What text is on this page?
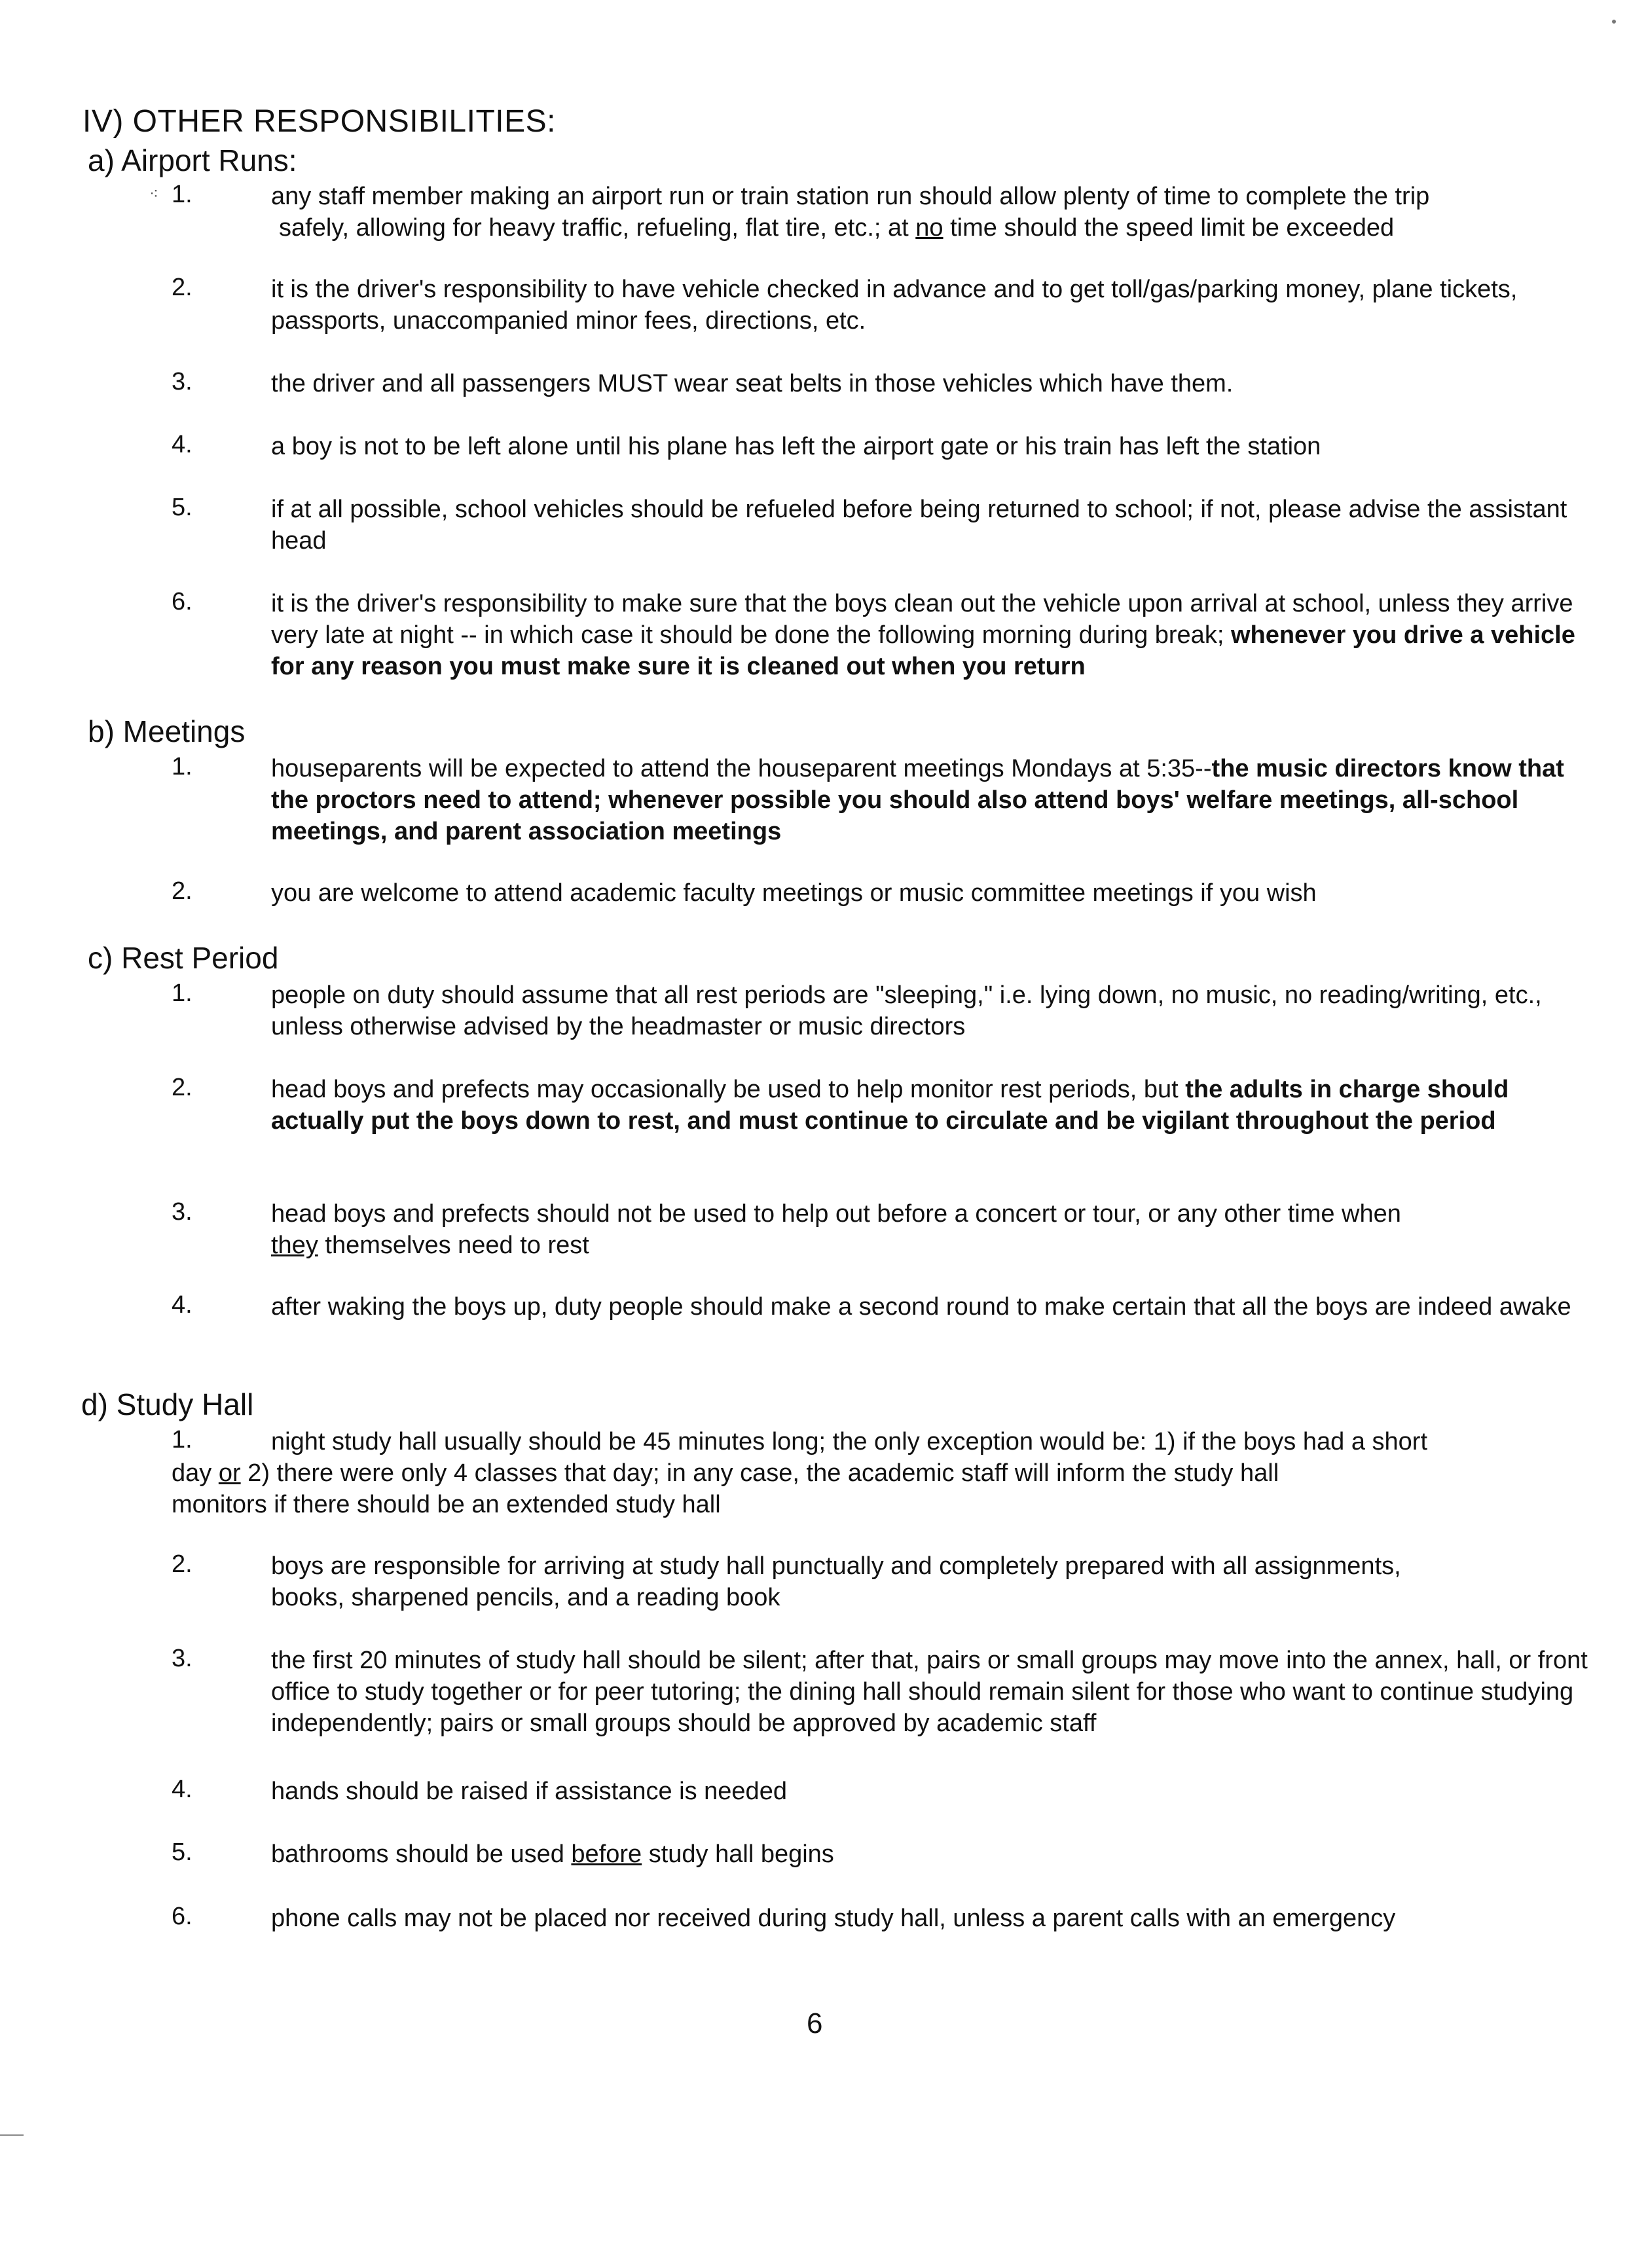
IV) OTHER RESPONSIBILITIES:
a) Airport Runs:
⁖ 1.	any staff member making an airport run or train station run should allow plenty of time to complete the trip
safely, allowing for heavy traffic, refueling, flat tire, etc.; at no time should the speed limit be exceeded
2.	it is the driver's responsibility to have vehicle checked in advance and to get toll/gas/parking money, plane tickets, passports, unaccompanied minor fees, directions, etc.
3.	the driver and all passengers MUST wear seat belts in those vehicles which have them.
4.	a boy is not to be left alone until his plane has left the airport gate or his train has left the station
5.	if at all possible, school vehicles should be refueled before being returned to school; if not, please advise the assistant head
6.	it is the driver's responsibility to make sure that the boys clean out the vehicle upon arrival at school, unless they arrive very late at night -- in which case it should be done the following morning during break; whenever you drive a vehicle for any reason you must make sure it is cleaned out when you return
b) Meetings
1.	houseparents will be expected to attend the houseparent meetings Mondays at 5:35--the music directors know that the proctors need to attend; whenever possible you should also attend boys' welfare meetings, all-school meetings, and parent association meetings
2.	you are welcome to attend academic faculty meetings or music committee meetings if you wish
c) Rest Period
1.	people on duty should assume that all rest periods are "sleeping," i.e. lying down, no music, no reading/writing, etc., unless otherwise advised by the headmaster or music directors
2.	head boys and prefects may occasionally be used to help monitor rest periods, but the adults in charge should actually put the boys down to rest, and must continue to circulate and be vigilant throughout the period
3.	head boys and prefects should not be used to help out before a concert or tour, or any other time when
they themselves need to rest
4.	after waking the boys up, duty people should make a second round to make certain that all the boys are indeed awake
d) Study Hall
1.	night study hall usually should be 45 minutes long; the only exception would be: 1) if the boys had a short
day or 2) there were only 4 classes that day; in any case, the academic staff will inform the study hall
monitors if there should be an extended study hall
2.	boys are responsible for arriving at study hall punctually and completely prepared with all assignments, books, sharpened pencils, and a reading book
3.	the first 20 minutes of study hall should be silent; after that, pairs or small groups may move into the annex, hall, or front office to study together or for peer tutoring; the dining hall should remain silent for those who want to continue studying independently; pairs or small groups should be approved by academic staff
4.	hands should be raised if assistance is needed
5.	bathrooms should be used before study hall begins
6.	phone calls may not be placed nor received during study hall, unless a parent calls with an emergency
6
